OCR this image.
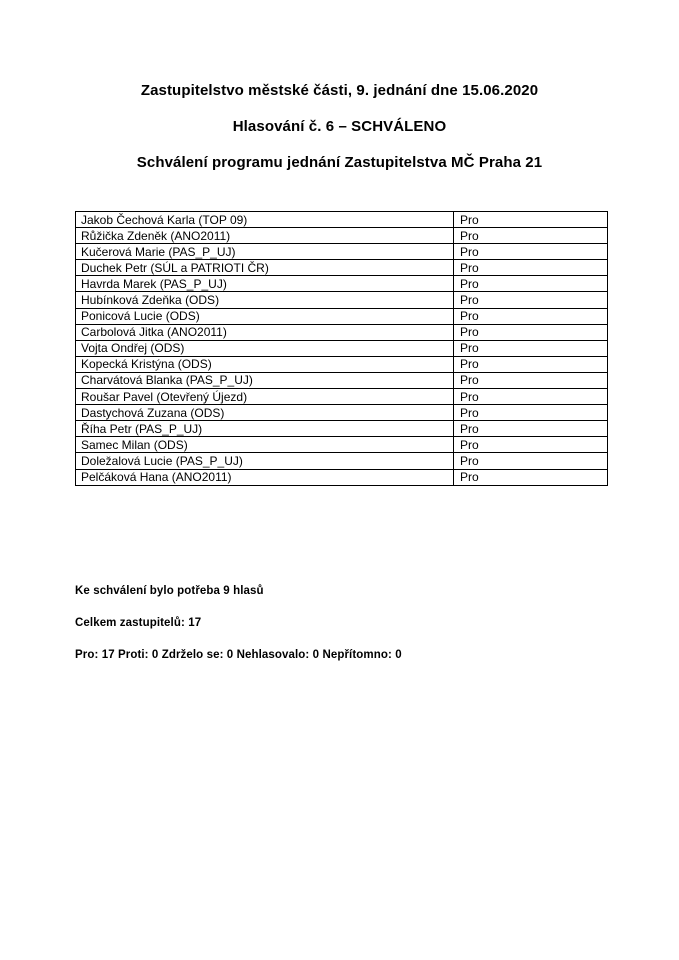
Zastupitelstvo městské části, 9. jednání dne 15.06.2020
Hlasování č. 6 – SCHVÁLENO
Schválení programu jednání Zastupitelstva MČ Praha 21
Jakob Čechová Karla (TOP 09)	Pro
Růžička Zdeněk (ANO2011)	Pro
Kučerová Marie (PAS_P_UJ)	Pro
Duchek Petr (SÚL a PATRIOTI ČR)	Pro
Havrda Marek (PAS_P_UJ)	Pro
Hubínková Zdeňka (ODS)	Pro
Ponicová Lucie (ODS)	Pro
Carbolová Jitka (ANO2011)	Pro
Vojta Ondřej (ODS)	Pro
Kopecká Kristýna (ODS)	Pro
Charvátová Blanka (PAS_P_UJ)	Pro
Roušar Pavel (Otevřený Újezd)	Pro
Dastychová Zuzana (ODS)	Pro
Říha Petr (PAS_P_UJ)	Pro
Samec Milan (ODS)	Pro
Doležalová Lucie (PAS_P_UJ)	Pro
Pelčáková Hana (ANO2011)	Pro
Ke schválení bylo potřeba 9 hlasů
Celkem zastupitelů: 17
Pro: 17 Proti: 0 Zdrželo se: 0 Nehlasovalo: 0 Nepřítomno: 0
